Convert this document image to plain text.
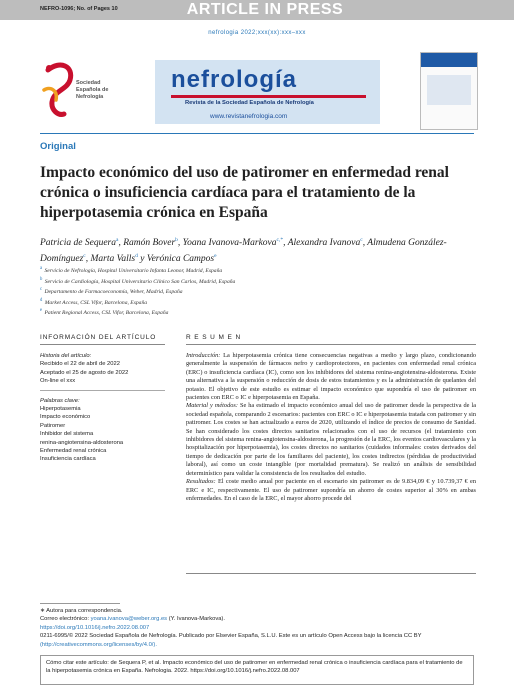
NEFRO-1096; No. of Pages 10	ARTICLE IN PRESS
nefrologia 2022;xxx(xx):xxx–xxx
Sociedad
Española de
Nefrología
nefrología
Revista de la Sociedad Española de Nefrología
www.revistanefrologia.com
Original
Impacto económico del uso de patiromer en enfermedad renal crónica o insuficiencia cardíaca para el tratamiento de la hiperpotasemia crónica en España
Patricia de Sequera$^a$, Ramón Bover$^b$, Yoana Ivanova-Markova$^{c,*}$, Alexandra Ivanova$^c$, Almudena González-Domínguez$^c$, Marta Valls$^d$ y Verónica Campos$^e$
$^a$ Servicio de Nefrología, Hospital Universitario Infanta Leonor, Madrid, España
$^b$ Servicio de Cardiología, Hospital Universitario Clínico San Carlos, Madrid, España
$^c$ Departamento de Farmacoeconomía, Weber, Madrid, España
$^d$ Market Access, CSL Vifor, Barcelona, España
$^e$ Patient Regional Access, CSL Vifor, Barcelona, España
INFORMACIÓN DEL ARTÍCULO	R E S U M E N
Historia del artículo:
Recibido el 22 de abril de 2022
Aceptado el 25 de agosto de 2022
On-line el xxx
Palabras clave:
Hiperpotasemia
Impacto económico
Patiromer
Inhibidor del sistema
renina-angiotensina-aldosterona
Enfermedad renal crónica
Insuficiencia cardíaca
Introducción: La hiperpotasemia crónica tiene consecuencias negativas a medio y largo plazo, condicionando generalmente la suspensión de fármacos nefro y cardioprotectores, en pacientes con enfermedad renal crónica (ERC) o insuficiencia cardíaca (IC), como son los inhibidores del sistema renina-angiotensina-aldosterona. Existe una alternativa a la suspensión o reducción de dosis de estos tratamientos y es la administración de quelantes del potasio. El objetivo de este estudio es estimar el impacto económico que supondría el uso de patiromer en pacientes con ERC o IC e hiperpotasemia en España.
Material y métodos: Se ha estimado el impacto económico anual del uso de patiromer desde la perspectiva de la sociedad española, comparando 2 escenarios: pacientes con ERC o IC e hiperpotasemia tratada con patiromer y sin patiromer. Los costes se han actualizado a euros de 2020, utilizando el índice de precios de consumo de Sanidad. Se han considerado los costes directos sanitarios relacionados con el uso de recursos (el tratamiento con inhibidores del sistema renina-angiotensina-aldosterona, la progresión de la ERC, los eventos cardiovasculares y la hospitalización por hiperpotasemia), los costes directos no sanitarios (cuidados informales: costes derivados del tiempo de dedicación por parte de los familiares del paciente), los costes indirectos (pérdidas de productividad laboral), así como un coste intangible (por mortalidad prematura). Se realizó un análisis de sensibilidad determinístico para validar la consistencia de los resultados del estudio.
Resultados: El coste medio anual por paciente en el escenario sin patiromer es de 9.834,09 € y 10.739,37 € en ERC e IC, respectivamente. El uso de patiromer supondría un ahorro de costes superior al 30% en ambas enfermedades. En el caso de la ERC, el mayor ahorro procede del
∗ Autora para correspondencia.
Correo electrónico: yoana.ivanova@weber.org.es (Y. Ivanova-Markova).
https://doi.org/10.1016/j.nefro.2022.08.007
0211-6995/© 2022 Sociedad Española de Nefrología. Publicado por Elsevier España, S.L.U. Este es un artículo Open Access bajo la licencia CC BY (http://creativecommons.org/licenses/by/4.0/).
Cómo citar este artículo: de Sequera P, et al. Impacto económico del uso de patiromer en enfermedad renal crónica o insuficiencia cardíaca para el tratamiento de la hiperpotasemia crónica en España. Nefrologia. 2022. https://doi.org/10.1016/j.nefro.2022.08.007
